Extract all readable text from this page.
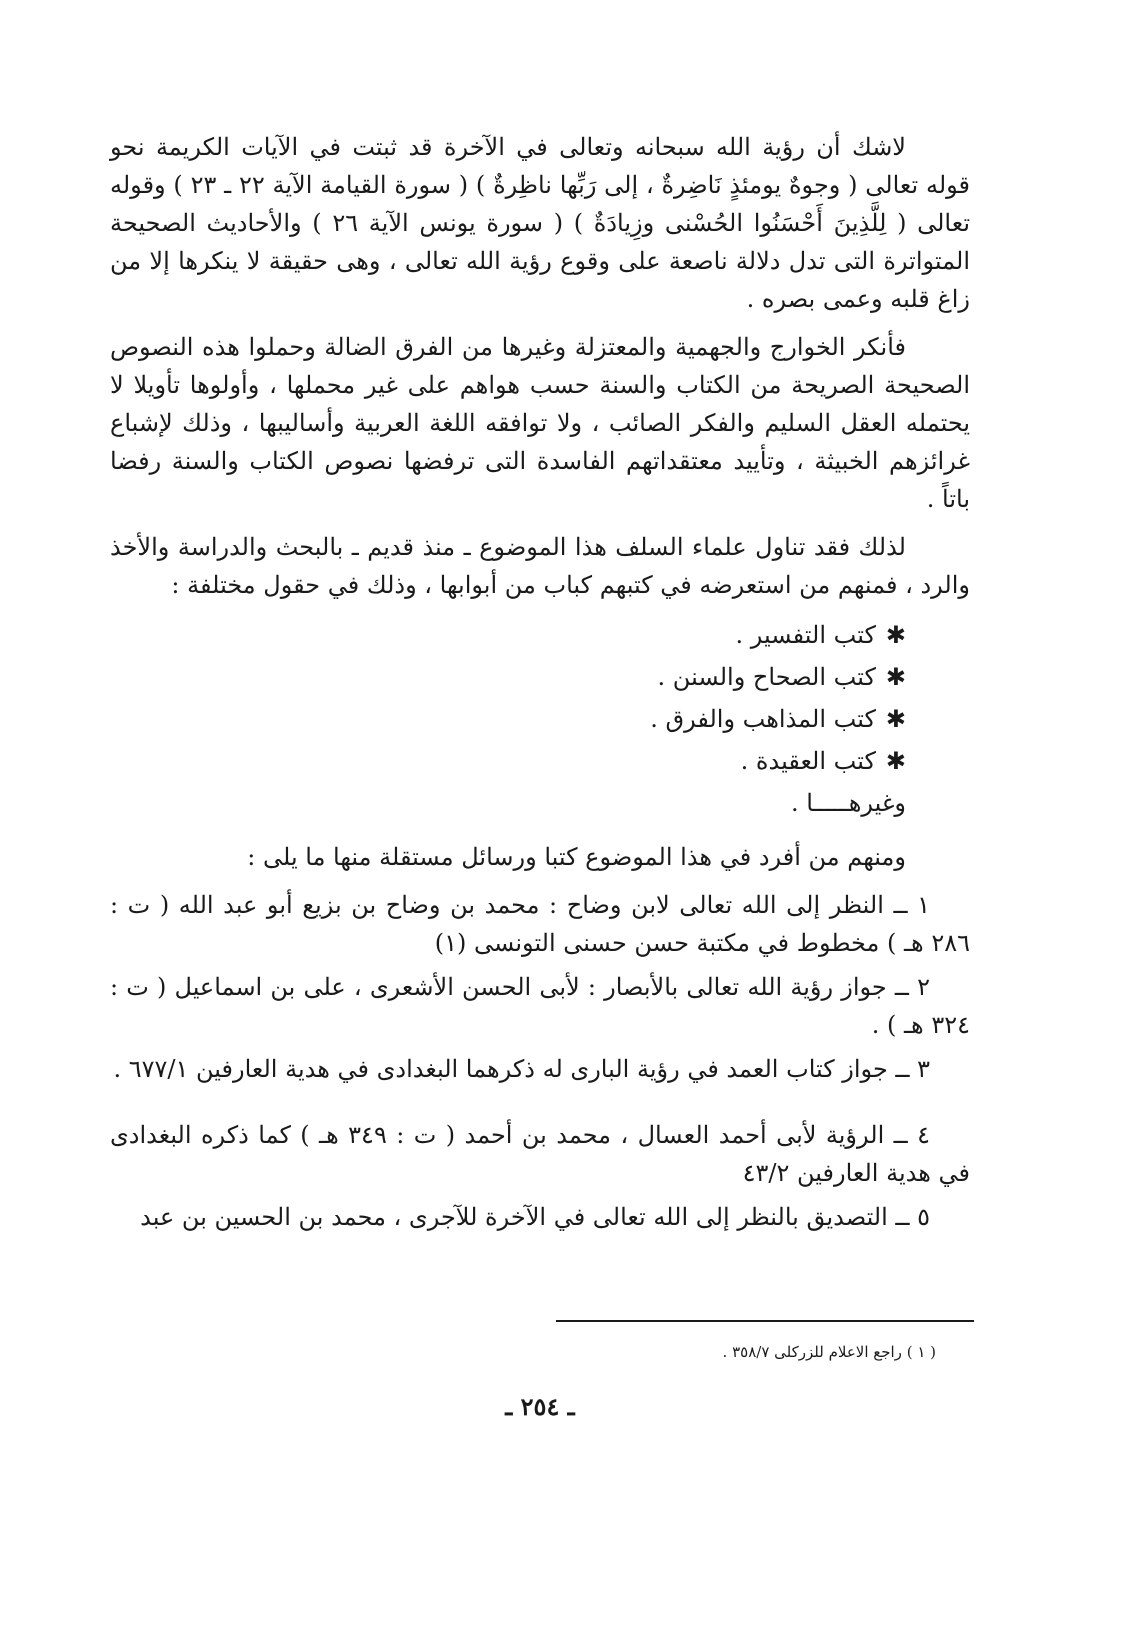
لاشك أن رؤية الله سبحانه وتعالى في الآخرة قد ثبتت في الآيات الكريمة نحو قوله تعالى ( وجوهٌ يومئذٍ نَاضِرةٌ ، إلى رَبِّها ناظِرةٌ ) ( سورة القيامة الآية ٢٢ ـ ٢٣ ) وقوله تعالى ( لِلَّذِينَ أَحْسَنُوا الحُسْنى وزِيادَةٌ ) ( سورة يونس الآية ٢٦ ) والأحاديث الصحيحة المتواترة التى تدل دلالة ناصعة على وقوع رؤية الله تعالى ، وهى حقيقة لا ينكرها إلا من زاغ قلبه وعمى بصره .

فأنكر الخوارج والجهمية والمعتزلة وغيرها من الفرق الضالة وحملوا هذه النصوص الصحيحة الصريحة من الكتاب والسنة حسب هواهم على غير محملها ، وأولوها تأويلا لا يحتمله العقل السليم والفكر الصائب ، ولا توافقه اللغة العربية وأساليبها ، وذلك لإشباع غرائزهم الخبيثة ، وتأييد معتقداتهم الفاسدة التى ترفضها نصوص الكتاب والسنة رفضا باتاً .

لذلك فقد تناول علماء السلف هذا الموضوع ـ منذ قديم ـ بالبحث والدراسة والأخذ والرد ، فمنهم من استعرضه في كتبهم كباب من أبوابها ، وذلك في حقول مختلفة :

✱كتب التفسير .
✱كتب الصحاح والسنن .
✱كتب المذاهب والفرق .
✱كتب العقيدة .
وغيرهـــــا .

ومنهم من أفرد في هذا الموضوع كتبا ورسائل مستقلة منها ما يلى :

١ ــ النظر إلى الله تعالى لابن وضاح : محمد بن وضاح بن بزيع أبو عبد الله ( ت : ٢٨٦ هـ ) مخطوط في مكتبة حسن حسنى التونسى (١)

٢ ــ جواز رؤية الله تعالى بالأبصار : لأبى الحسن الأشعرى ، على بن اسماعيل ( ت : ٣٢٤ هـ ) .

٣ ــ جواز كتاب العمد في رؤية البارى له ذكرهما البغدادى في هدية العارفين ٦٧٧/١ .

٤ ــ الرؤية لأبى أحمد العسال ، محمد بن أحمد ( ت : ٣٤٩ هـ ) كما ذكره البغدادى في هدية العارفين ٤٣/٢

٥ ــ التصديق بالنظر إلى الله تعالى في الآخرة للآجرى ، محمد بن الحسين بن عبد

( ١ ) راجع الاعلام للزركلى ٣٥٨/٧ .
ـ ٢٥٤ ـ
